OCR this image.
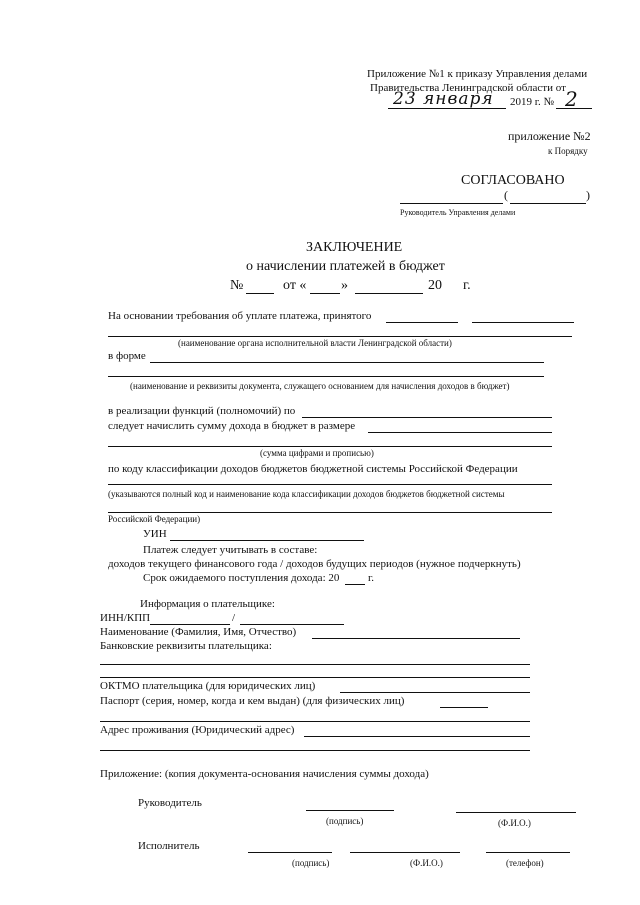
Приложение №1 к приказу Управления делами
Правительства Ленинградской области от
23 января 2019 г. № 2
приложение №2
к Порядку
СОГЛАСОВАНО
(	)
Руководитель Управления делами
ЗАКЛЮЧЕНИЕ
о начислении платежей в бюджет
№	от « »	20 г.
На основании требования об уплате платежа, принятого
(наименование органа исполнительной власти Ленинградской области)
в форме
(наименование и реквизиты документа, служащего основанием для начисления доходов в бюджет)
в реализации функций (полномочий) по
следует начислить сумму дохода в бюджет в размере
(сумма цифрами и прописью)
по коду классификации доходов бюджетов бюджетной системы Российской Федерации
(указываются полный код и наименование кода классификации доходов бюджетов бюджетной системы
Российской Федерации)
УИН
Платеж следует учитывать в составе:
доходов текущего финансового года / доходов будущих периодов (нужное подчеркнуть)
Срок ожидаемого поступления дохода: 20	г.
Информация о плательщике:
ИНН/КПП	/
Наименование (Фамилия, Имя, Отчество)
Банковские реквизиты плательщика:
ОКТМО плательщика (для юридических лиц)
Паспорт (серия, номер, когда и кем выдан) (для физических лиц)
Адрес проживания (Юридический адрес)
Приложение: (копия документа-основания начисления суммы дохода)
Руководитель
(подпись)	(Ф.И.О.)
Исполнитель
(подпись)	(Ф.И.О.)	(телефон)
